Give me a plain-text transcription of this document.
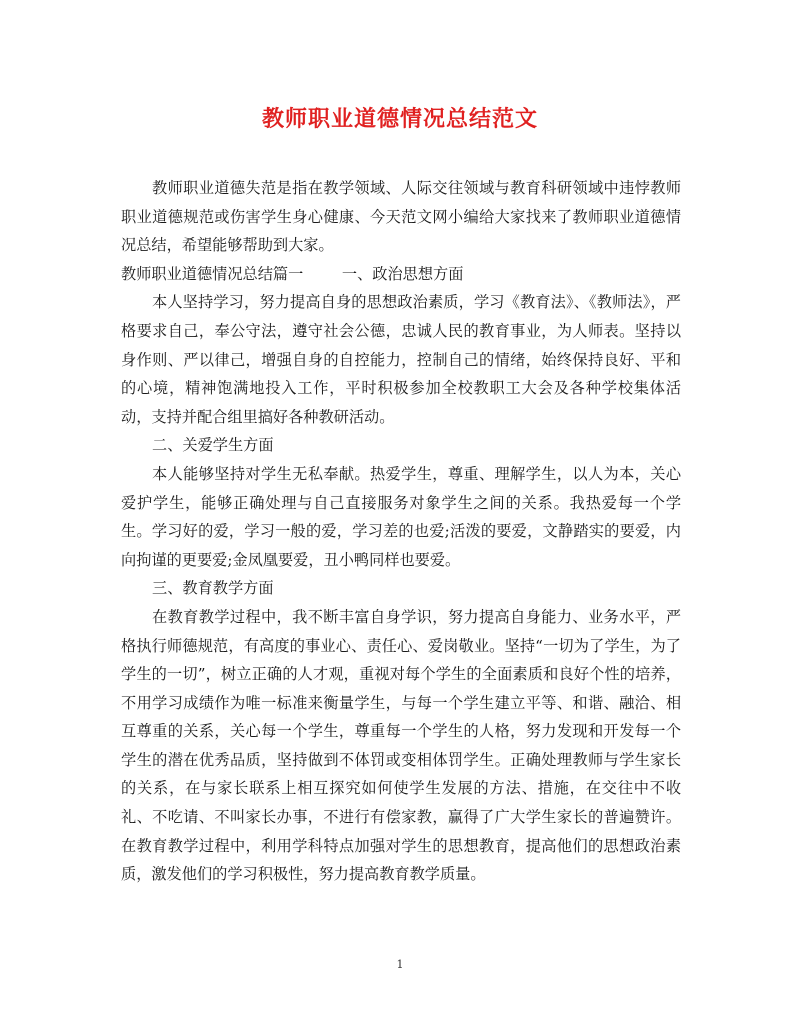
教师职业道德情况总结范文

教师职业道德失范是指在教学领域、人际交往领域与教育科研领域中违悖教师职业道德规范或伤害学生身心健康、今天范文网小编给大家找来了教师职业道德情况总结，希望能够帮助到大家。

教师职业道德情况总结篇一	一、政治思想方面

本人坚持学习，努力提高自身的思想政治素质，学习《教育法》、《教师法》，严格要求自己，奉公守法，遵守社会公德，忠诚人民的教育事业，为人师表。坚持以身作则、严以律己，增强自身的自控能力，控制自己的情绪，始终保持良好、平和的心境，精神饱满地投入工作，平时积极参加全校教职工大会及各种学校集体活动，支持并配合组里搞好各种教研活动。

二、关爱学生方面

本人能够坚持对学生无私奉献。热爱学生，尊重、理解学生，以人为本，关心爱护学生，能够正确处理与自己直接服务对象学生之间的关系。我热爱每一个学生。学习好的爱，学习一般的爱，学习差的也爱;活泼的要爱，文静踏实的要爱，内向拘谨的更要爱;金凤凰要爱，丑小鸭同样也要爱。

三、教育教学方面

在教育教学过程中，我不断丰富自身学识，努力提高自身能力、业务水平，严格执行师德规范，有高度的事业心、责任心、爱岗敬业。坚持“一切为了学生，为了学生的一切”，树立正确的人才观，重视对每个学生的全面素质和良好个性的培养，不用学习成绩作为唯一标准来衡量学生，与每一个学生建立平等、和谐、融洽、相互尊重的关系，关心每一个学生，尊重每一个学生的人格，努力发现和开发每一个学生的潜在优秀品质，坚持做到不体罚或变相体罚学生。正确处理教师与学生家长的关系，在与家长联系上相互探究如何使学生发展的方法、措施，在交往中不收礼、不吃请、不叫家长办事，不进行有偿家教，赢得了广大学生家长的普遍赞许。在教育教学过程中，利用学科特点加强对学生的思想教育，提高他们的思想政治素质，激发他们的学习积极性，努力提高教育教学质量。

1
